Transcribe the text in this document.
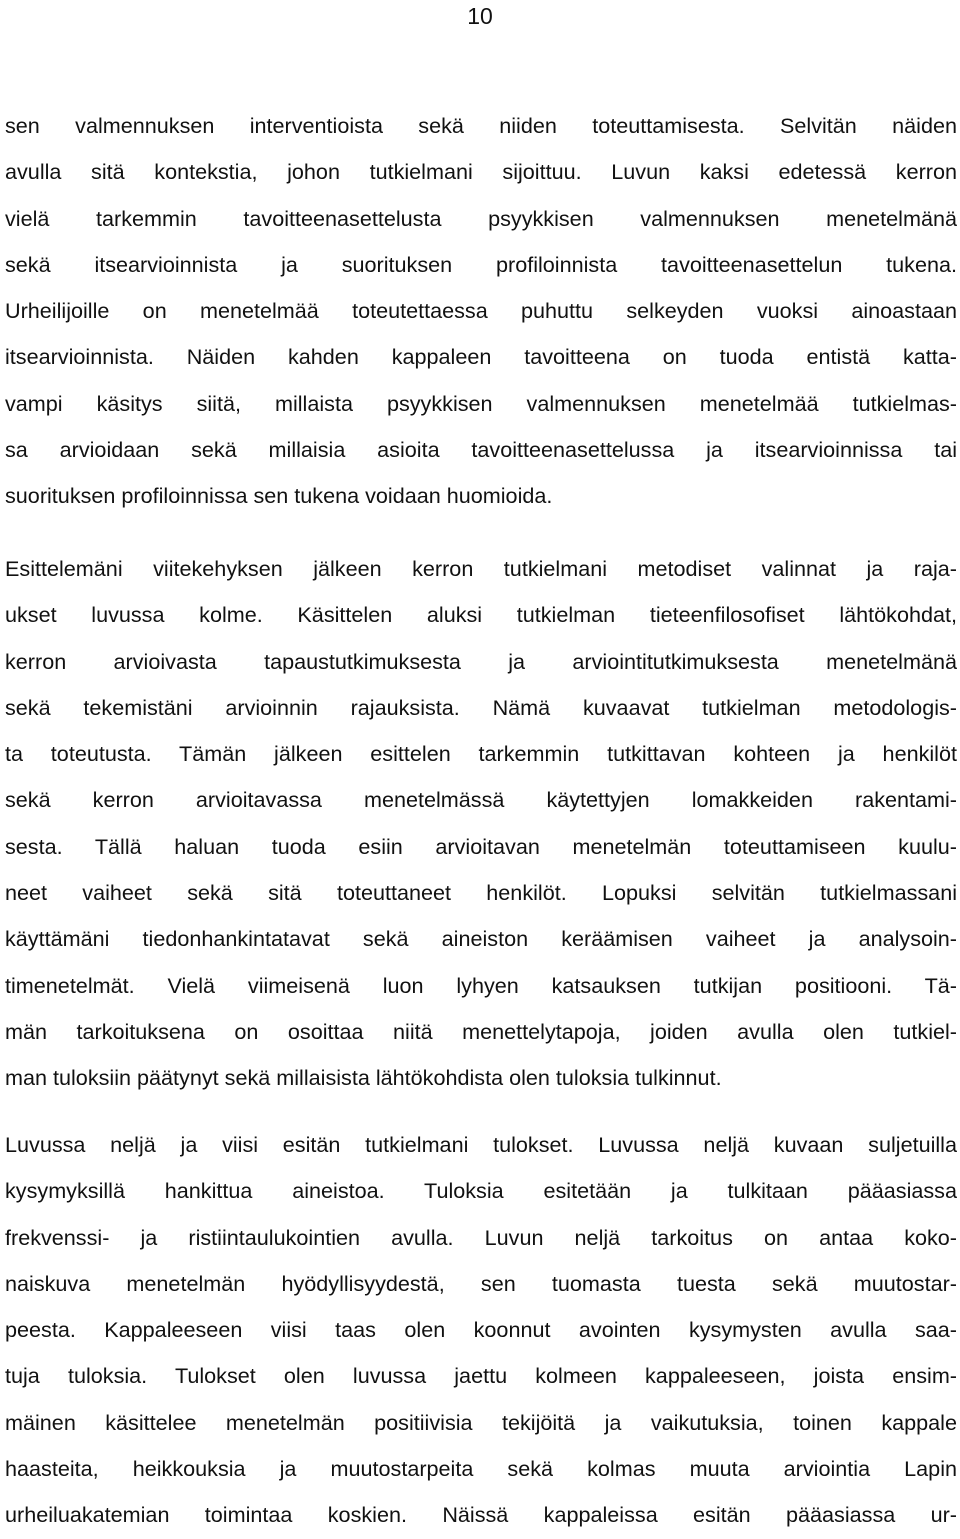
10
sen valmennuksen interventioista sekä niiden toteuttamisesta. Selvitän näiden
avulla sitä kontekstia, johon tutkielmani sijoittuu. Luvun kaksi edetessä kerron
vielä tarkemmin tavoitteenasettelusta psyykkisen valmennuksen menetelmänä
sekä itsearvioinnista ja suorituksen profiloinnista tavoitteenasettelun tukena.
Urheilijoille on menetelmää toteutettaessa puhuttu selkeyden vuoksi ainoastaan
itsearvioinnista. Näiden kahden kappaleen tavoitteena on tuoda entistä katta-
vampi käsitys siitä, millaista psyykkisen valmennuksen menetelmää tutkielmas-
sa arvioidaan sekä millaisia asioita tavoitteenasettelussa ja itsearvioinnissa tai
suorituksen profiloinnissa sen tukena voidaan huomioida.
Esittelemäni viitekehyksen jälkeen kerron tutkielmani metodiset valinnat ja raja-
ukset luvussa kolme. Käsittelen aluksi tutkielman tieteenfilosofiset lähtökohdat,
kerron arvioivasta tapaustutkimuksesta ja arviointitutkimuksesta menetelmänä
sekä tekemistäni arvioinnin rajauksista. Nämä kuvaavat tutkielman metodologis-
ta toteutusta. Tämän jälkeen esittelen tarkemmin tutkittavan kohteen ja henkilöt
sekä kerron arvioitavassa menetelmässä käytettyjen lomakkeiden rakentami-
sesta. Tällä haluan tuoda esiin arvioitavan menetelmän toteuttamiseen kuulu-
neet vaiheet sekä sitä toteuttaneet henkilöt. Lopuksi selvitän tutkielmassani
käyttämäni tiedonhankintatavat sekä aineiston keräämisen vaiheet ja analysoin-
timenetelmät. Vielä viimeisenä luon lyhyen katsauksen tutkijan positiooni. Tä-
män tarkoituksena on osoittaa niitä menettelytapoja, joiden avulla olen tutkiel-
man tuloksiin päätynyt sekä millaisista lähtökohdista olen tuloksia tulkinnut.
Luvussa neljä ja viisi esitän tutkielmani tulokset. Luvussa neljä kuvaan suljetuilla
kysymyksillä hankittua aineistoa. Tuloksia esitetään ja tulkitaan pääasiassa
frekvenssi- ja ristiintaulukointien avulla. Luvun neljä tarkoitus on antaa koko-
naiskuva menetelmän hyödyllisyydestä, sen tuomasta tuesta sekä muutostar-
peesta. Kappaleeseen viisi taas olen koonnut avointen kysymysten avulla saa-
tuja tuloksia. Tulokset olen luvussa jaettu kolmeen kappaleeseen, joista ensim-
mäinen käsittelee menetelmän positiivisia tekijöitä ja vaikutuksia, toinen kappale
haasteita, heikkouksia ja muutostarpeita sekä kolmas muuta arviointia Lapin
urheiluakatemian toimintaa koskien. Näissä kappaleissa esitän pääasiassa ur-
